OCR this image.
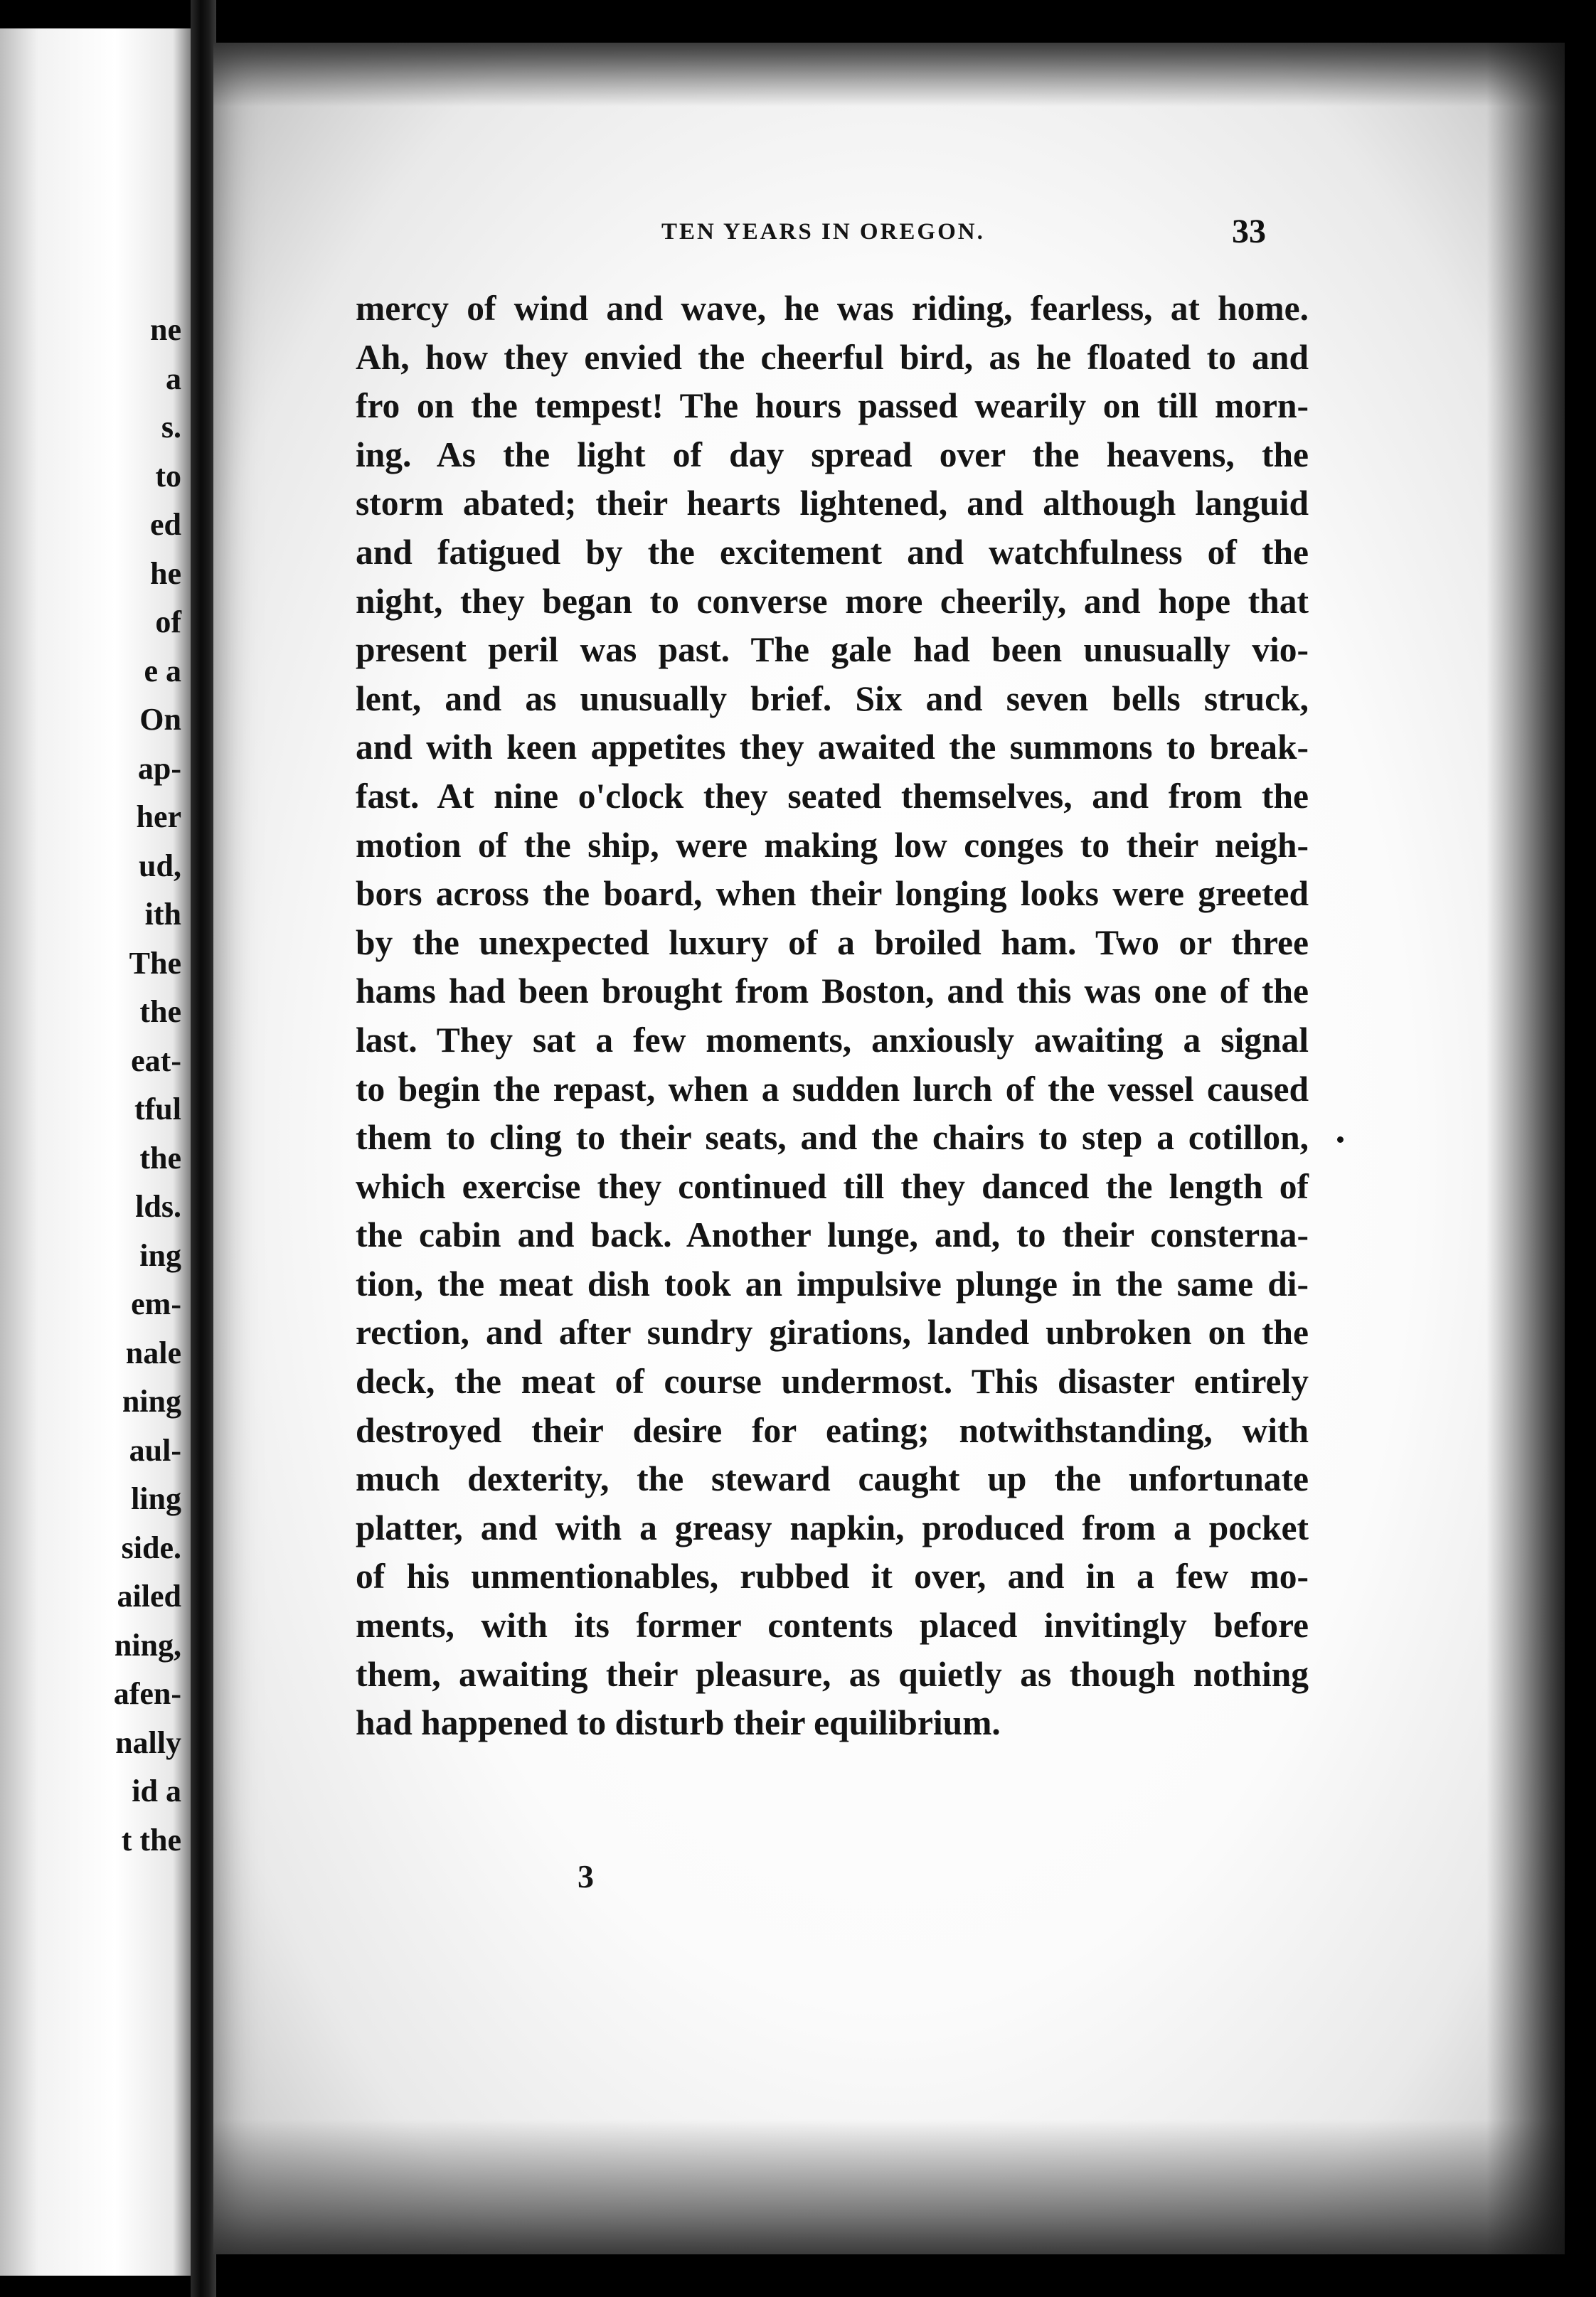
ne
a
s.
to
ed
he
of
e a
On
ap-
her
ud,
ith
The
the
eat-
tful
the
lds.
ing
em-
nale
ning
aul-
ling
side.
ailed
ning,
afen-
nally
id a
t the
TEN YEARS IN OREGON.	33
mercy of wind and wave, he was riding, fearless, at home.
Ah, how they envied the cheerful bird, as he floated to and
fro on the tempest! The hours passed wearily on till morn-
ing. As the light of day spread over the heavens, the
storm abated; their hearts lightened, and although languid
and fatigued by the excitement and watchfulness of the
night, they began to converse more cheerily, and hope that
present peril was past. The gale had been unusually vio-
lent, and as unusually brief. Six and seven bells struck,
and with keen appetites they awaited the summons to break-
fast. At nine o'clock they seated themselves, and from the
motion of the ship, were making low conges to their neigh-
bors across the board, when their longing looks were greeted
by the unexpected luxury of a broiled ham. Two or three
hams had been brought from Boston, and this was one of the
last. They sat a few moments, anxiously awaiting a signal
to begin the repast, when a sudden lurch of the vessel caused
them to cling to their seats, and the chairs to step a cotillon,
which exercise they continued till they danced the length of
the cabin and back. Another lunge, and, to their consterna-
tion, the meat dish took an impulsive plunge in the same di-
rection, and after sundry girations, landed unbroken on the
deck, the meat of course undermost. This disaster entirely
destroyed their desire for eating; notwithstanding, with
much dexterity, the steward caught up the unfortunate
platter, and with a greasy napkin, produced from a pocket
of his unmentionables, rubbed it over, and in a few mo-
ments, with its former contents placed invitingly before
them, awaiting their pleasure, as quietly as though nothing
had happened to disturb their equilibrium.
3
